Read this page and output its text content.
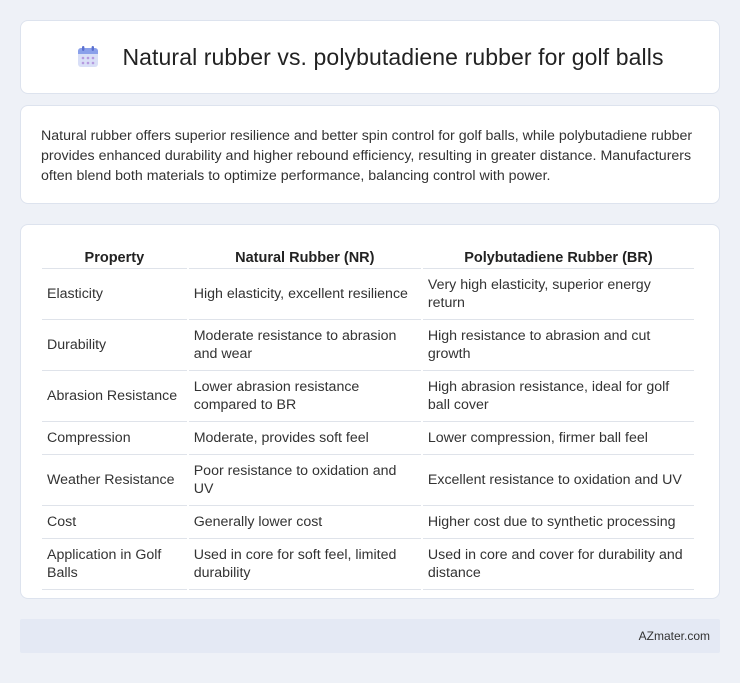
Natural rubber vs. polybutadiene rubber for golf balls

Natural rubber offers superior resilience and better spin control for golf balls, while polybutadiene rubber provides enhanced durability and higher rebound efficiency, resulting in greater distance. Manufacturers often blend both materials to optimize performance, balancing control with power.

Property	Natural Rubber (NR)	Polybutadiene Rubber (BR)
Elasticity	High elasticity, excellent resilience	Very high elasticity, superior energy return
Durability	Moderate resistance to abrasion and wear	High resistance to abrasion and cut growth
Abrasion Resistance	Lower abrasion resistance compared to BR	High abrasion resistance, ideal for golf ball cover
Compression	Moderate, provides soft feel	Lower compression, firmer ball feel
Weather Resistance	Poor resistance to oxidation and UV	Excellent resistance to oxidation and UV
Cost	Generally lower cost	Higher cost due to synthetic processing
Application in Golf Balls	Used in core for soft feel, limited durability	Used in core and cover for durability and distance
AZmater.com
